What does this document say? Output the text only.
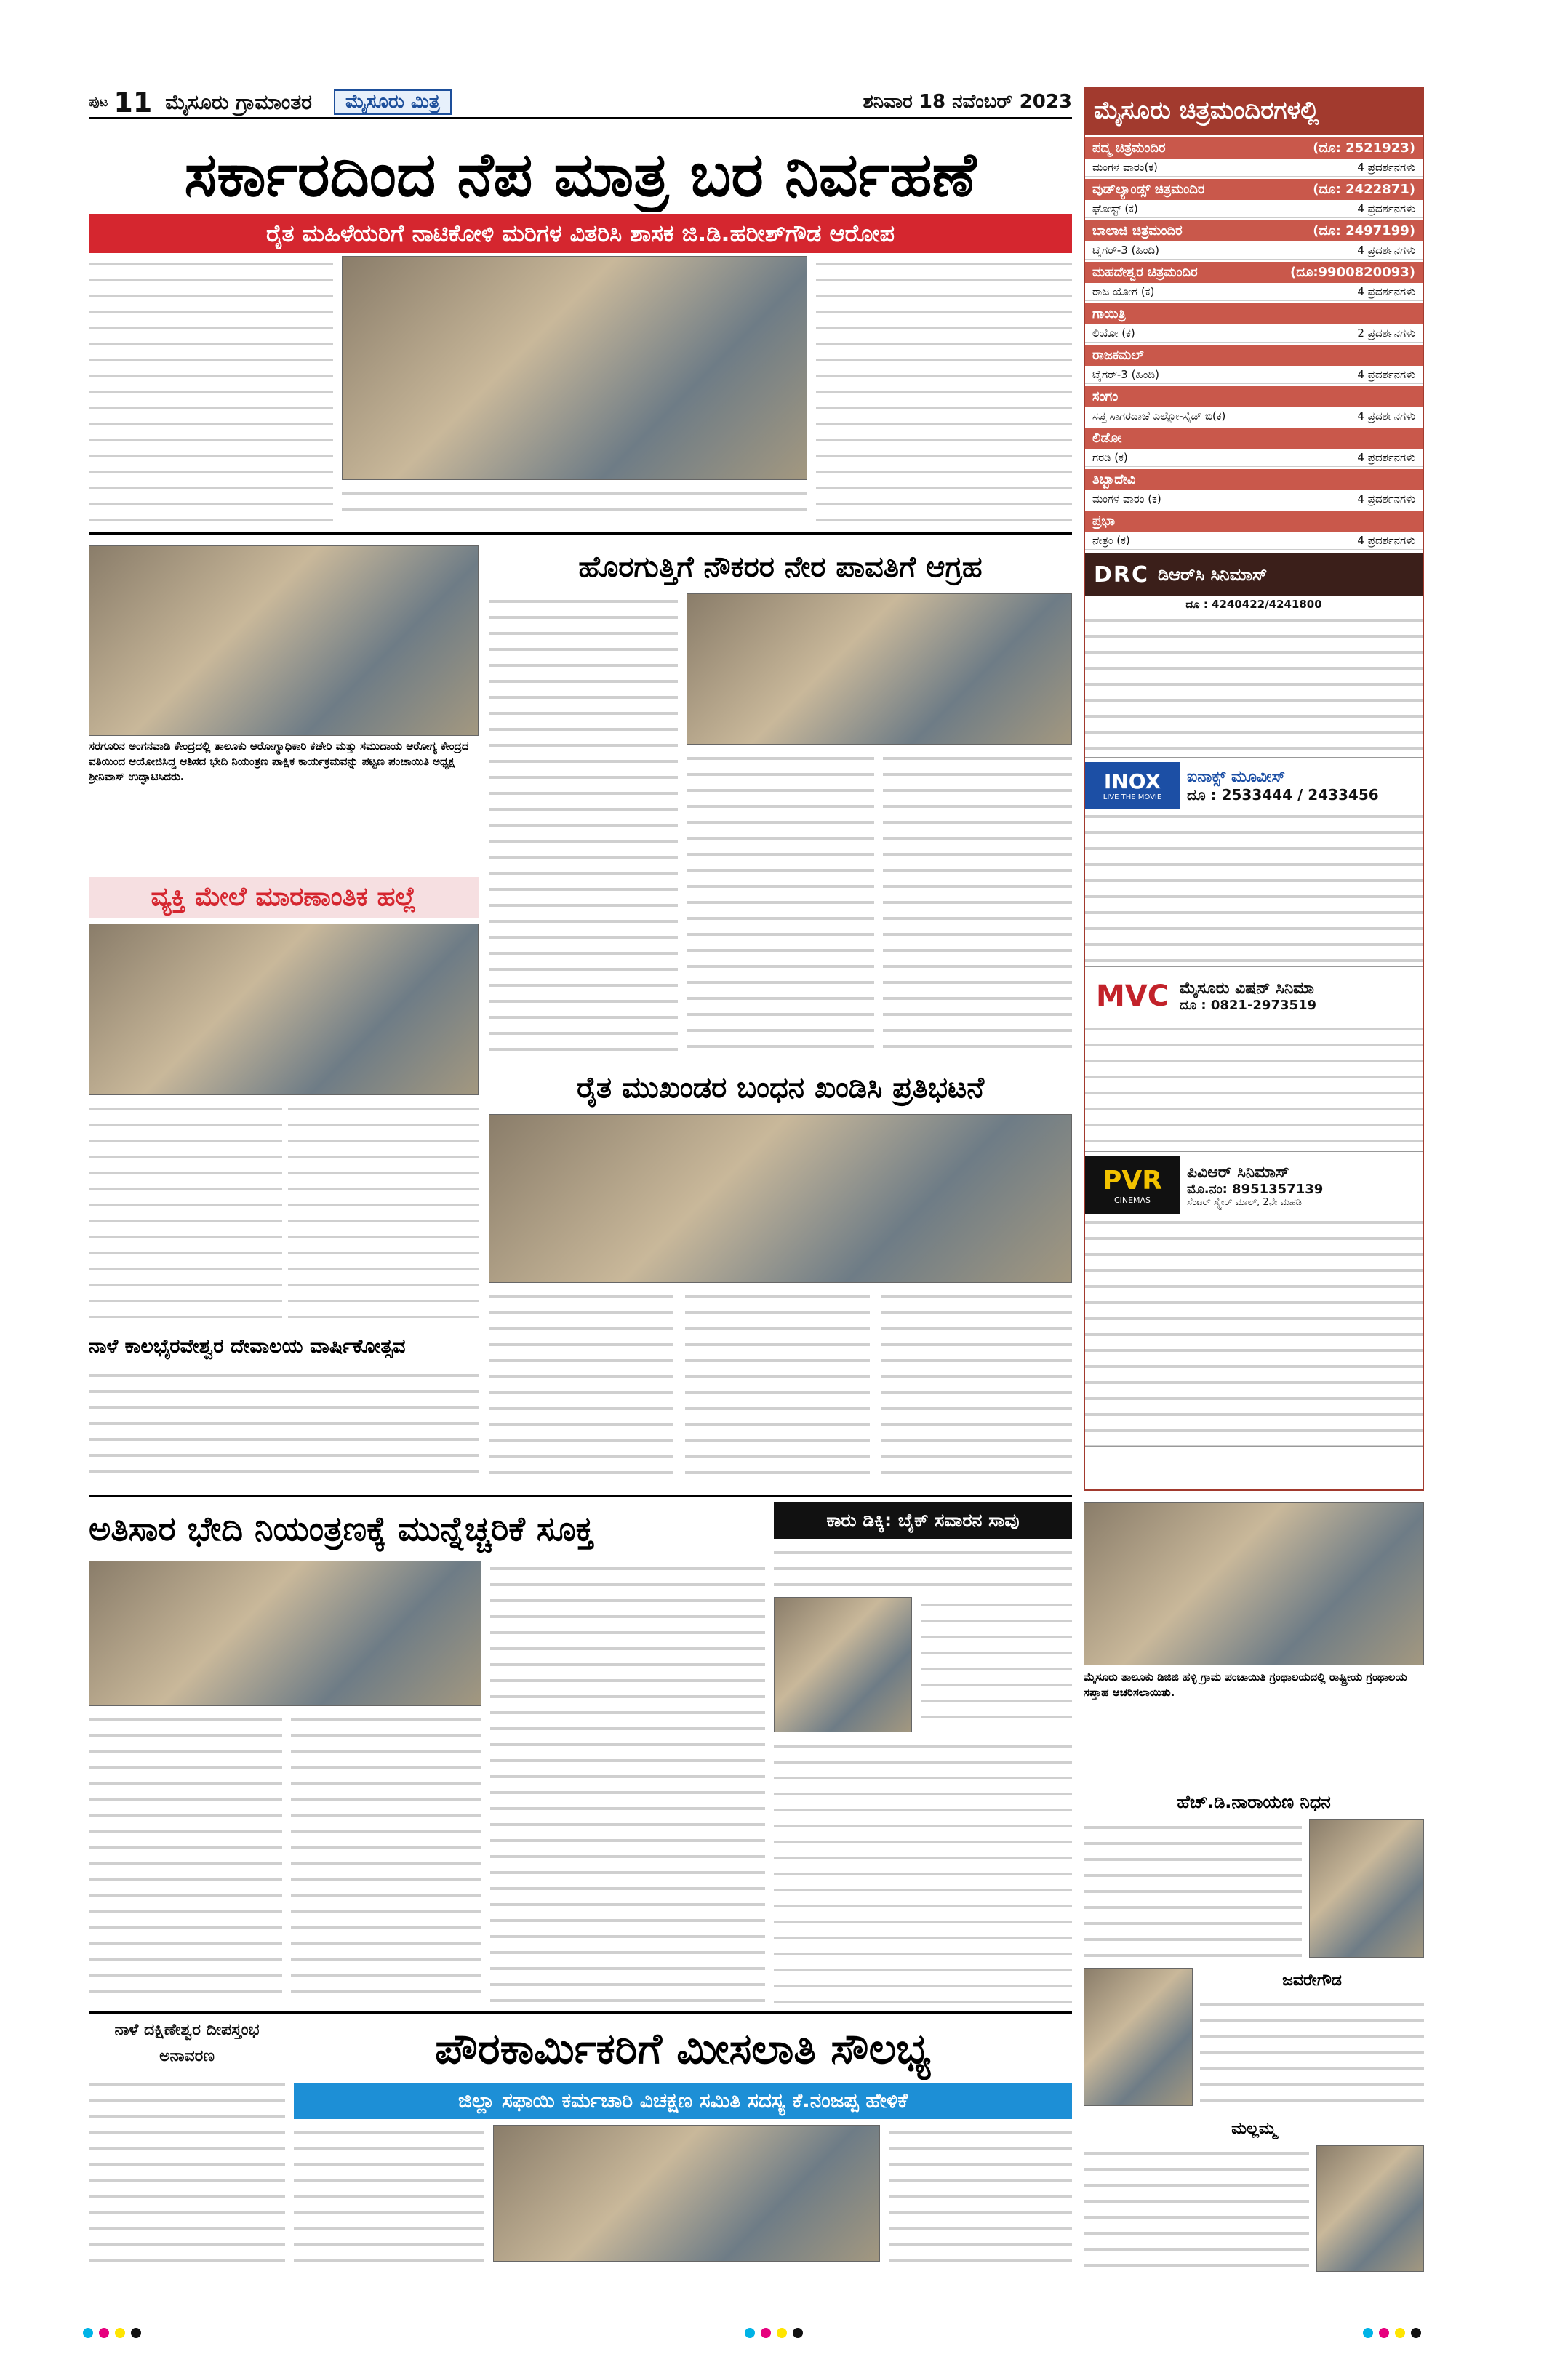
ಪುಟ 11 ಮೈಸೂರು ಗ್ರಾಮಾಂತರ	ಮೈಸೂರು ಮಿತ್ರ	ಶನಿವಾರ 18 ನವೆಂಬರ್ 2023
ಸರ್ಕಾರದಿಂದ ನೆಪ ಮಾತ್ರ ಬರ ನಿರ್ವಹಣೆ
ರೈತ ಮಹಿಳೆಯರಿಗೆ ನಾಟಿಕೋಳಿ ಮರಿಗಳ ವಿತರಿಸಿ ಶಾಸಕ ಜಿ.ಡಿ.ಹರೀಶ್‌ಗೌಡ ಆರೋಪ
ಸರಗೂರಿನ ಅಂಗನವಾಡಿ ಕೇಂದ್ರದಲ್ಲಿ ತಾಲೂಕು ಆರೋಗ್ಯಾಧಿಕಾರಿ ಕಚೇರಿ ಮತ್ತು ಸಮುದಾಯ ಆರೋಗ್ಯ ಕೇಂದ್ರದ ವತಿಯಿಂದ ಆಯೋಜಿಸಿದ್ದ ಆಶಿಸದ ಭೇದಿ ನಿಯಂತ್ರಣ ಪಾಕ್ಷಿಕ ಕಾರ್ಯಕ್ರಮವನ್ನು ಪಟ್ಟಣ ಪಂಚಾಯಿತಿ ಅಧ್ಯಕ್ಷ ಶ್ರೀನಿವಾಸ್ ಉದ್ಘಾಟಿಸಿದರು.
ವ್ಯಕ್ತಿ ಮೇಲೆ ಮಾರಣಾಂತಿಕ ಹಲ್ಲೆ
ಹೊರಗುತ್ತಿಗೆ ನೌಕರರ ನೇರ ಪಾವತಿಗೆ ಆಗ್ರಹ
ರೈತ ಮುಖಂಡರ ಬಂಧನ ಖಂಡಿಸಿ ಪ್ರತಿಭಟನೆ
ನಾಳೆ ಕಾಲಭೈರವೇಶ್ವರ ದೇವಾಲಯ ವಾರ್ಷಿಕೋತ್ಸವ
ಅತಿಸಾರ ಭೇದಿ ನಿಯಂತ್ರಣಕ್ಕೆ ಮುನ್ನೆಚ್ಚರಿಕೆ ಸೂಕ್ತ	ಕಾರು ಡಿಕ್ಕಿ: ಬೈಕ್ ಸವಾರನ ಸಾವು
ನಾಳೆ ದಕ್ಷಿಣೇಶ್ವರ ದೀಪಸ್ತಂಭ ಅನಾವರಣ	ಪೌರಕಾರ್ಮಿಕರಿಗೆ ಮೀಸಲಾತಿ ಸೌಲಭ್ಯ
ಜಿಲ್ಲಾ ಸಫಾಯಿ ಕರ್ಮಚಾರಿ ವಿಚಕ್ಷಣ ಸಮಿತಿ ಸದಸ್ಯ ಕೆ.ನಂಜಪ್ಪ ಹೇಳಿಕೆ
ಮೈಸೂರು ಚಿತ್ರಮಂದಿರಗಳಲ್ಲಿ
ಪದ್ಮ ಚಿತ್ರಮಂದಿರ	(ದೂ: 2521923)
ಮಂಗಳ ವಾರಂ(ಕ)	4 ಪ್ರದರ್ಶನಗಳು
ವುಡ್‌ಲ್ಯಾಂಡ್ಸ್ ಚಿತ್ರಮಂದಿರ	(ದೂ: 2422871)
ಘೋಸ್ಟ್ (ಕ)	4 ಪ್ರದರ್ಶನಗಳು
ಬಾಲಾಜಿ ಚಿತ್ರಮಂದಿರ	(ದೂ: 2497199)
ಟೈಗರ್-3 (ಹಿಂದಿ)	4 ಪ್ರದರ್ಶನಗಳು
ಮಹದೇಶ್ವರ ಚಿತ್ರಮಂದಿರ	(ದೂ:9900820093)
ರಾಜ ಯೋಗ (ಕ)	4 ಪ್ರದರ್ಶನಗಳು
ಗಾಯಿತ್ರಿ
ಲಿಯೋ (ಕ)	2 ಪ್ರದರ್ಶನಗಳು
ರಾಜಕಮಲ್
ಟೈಗರ್-3 (ಹಿಂದಿ)	4 ಪ್ರದರ್ಶನಗಳು
ಸಂಗಂ
ಸಪ್ತ ಸಾಗರದಾಚೆ ಎಲ್ಲೋ-ಸೈಡ್ ಬಿ(ಕ)	4 ಪ್ರದರ್ಶನಗಳು
ಲಿಡೋ
ಗರಡಿ (ಕ)	4 ಪ್ರದರ್ಶನಗಳು
ತಿಬ್ಬಾದೇವಿ
ಮಂಗಳ ವಾರಂ (ಕ)	4 ಪ್ರದರ್ಶನಗಳು
ಪ್ರಭಾ
ನೇತ್ರಂ (ಕ)	4 ಪ್ರದರ್ಶನಗಳು
DRC ಡಿಆರ್‌ಸಿ ಸಿನಿಮಾಸ್
ದೂ : 4240422/4241800
INOX
LIVE THE MOVIE
ಐನಾಕ್ಸ್ ಮೂವೀಸ್
ದೂ : 2533444 / 2433456
MVC ಮೈಸೂರು ವಿಷನ್ ಸಿನಿಮಾ
ದೂ : 0821-2973519
PVR
CINEMAS
ಪಿವಿಆರ್ ಸಿನಿಮಾಸ್
ಮೊ.ನಂ: 8951357139
ಸೆಂಟರ್ ಸ್ಕ್ವೇರ್ ಮಾಲ್, 2ನೇ ಮಹಡಿ
ಮೈಸೂರು ತಾಲೂಕು ಡಿಜಿಜಿ ಹಳ್ಳಿ ಗ್ರಾಮ ಪಂಚಾಯಿತಿ ಗ್ರಂಥಾಲಯದಲ್ಲಿ ರಾಷ್ಟ್ರೀಯ ಗ್ರಂಥಾಲಯ ಸಪ್ತಾಹ ಆಚರಿಸಲಾಯಿತು.
ಹೆಚ್.ಡಿ.ನಾರಾಯಣ ನಿಧನ
ಜವರೇಗೌಡ
ಮಲ್ಲಮ್ಮ
